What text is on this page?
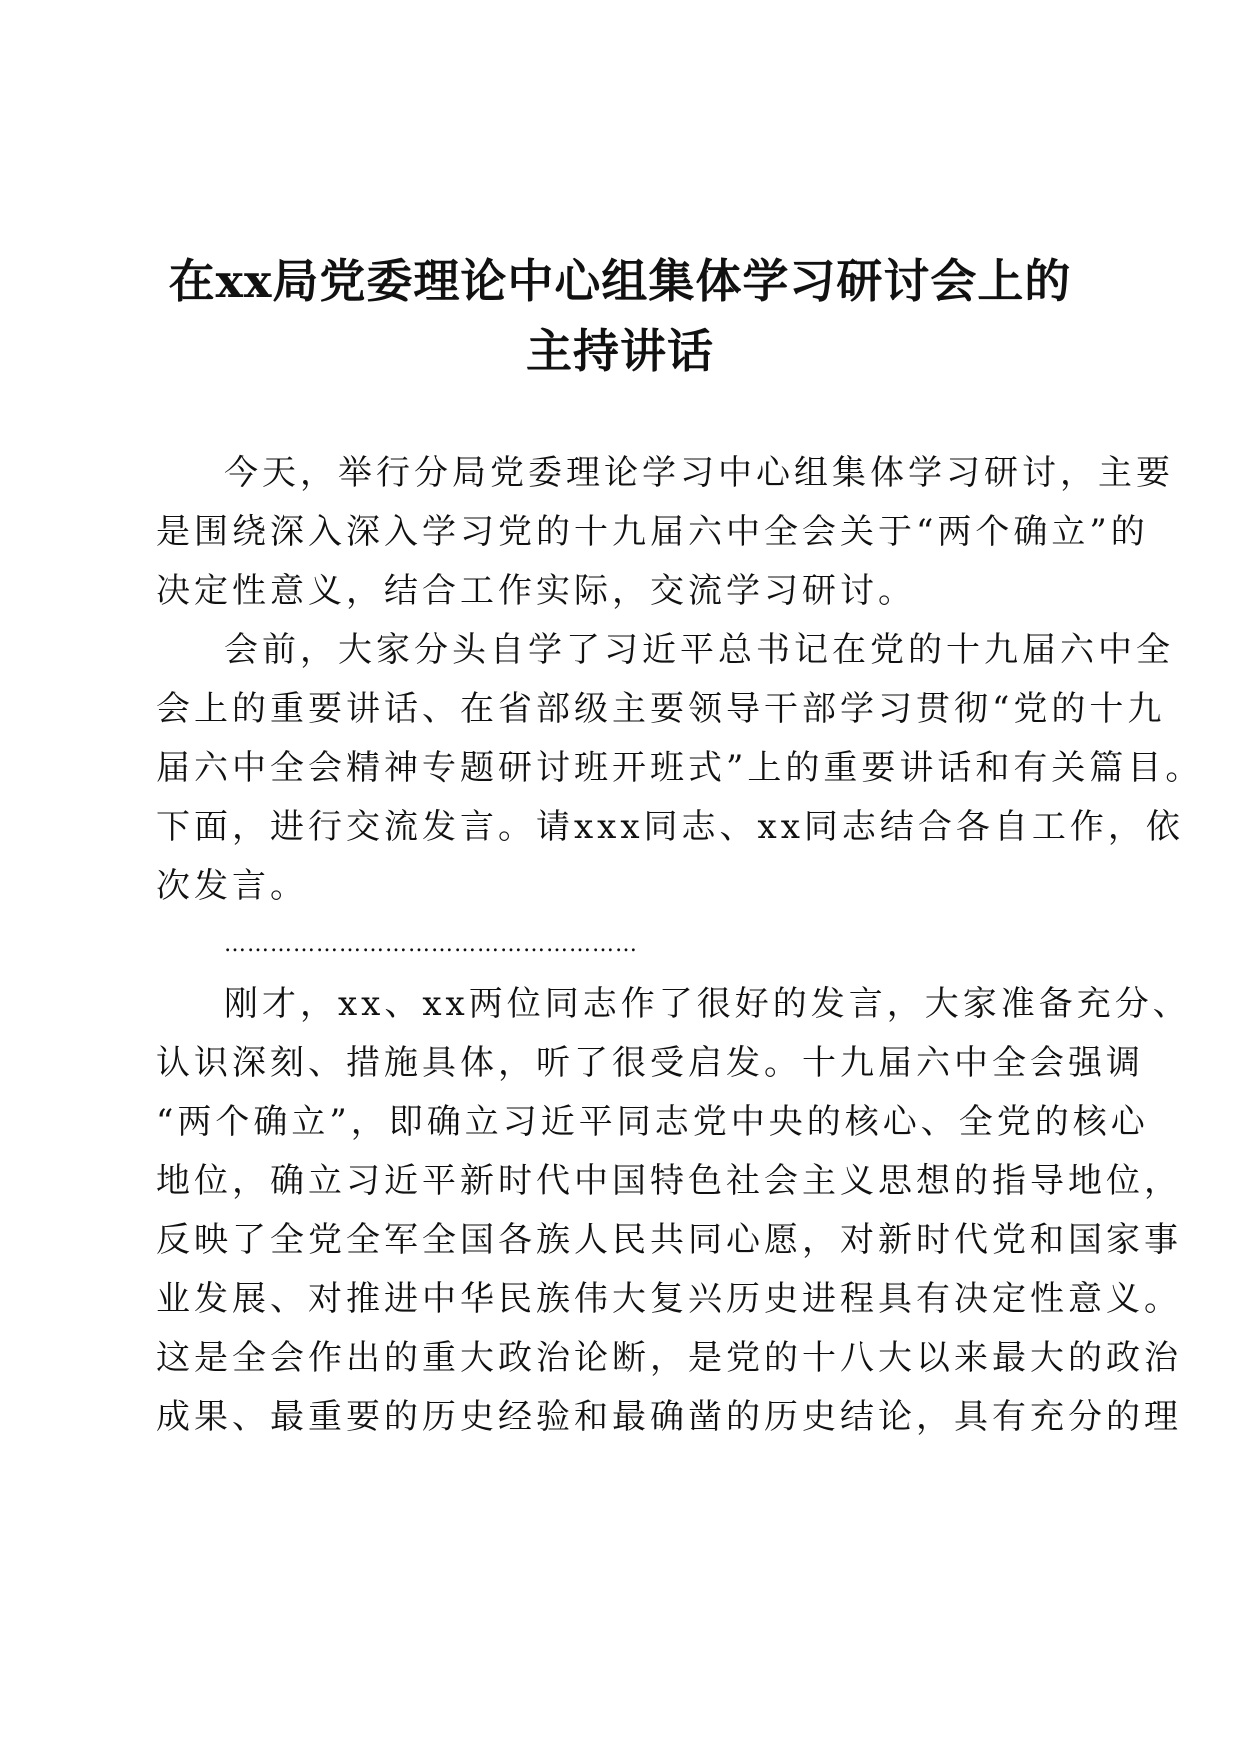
在xx局党委理论中心组集体学习研讨会上的
主持讲话
今天，举行分局党委理论学习中心组集体学习研讨，主要
是围绕深入深入学习党的十九届六中全会关于“两个确立”的
决定性意义，结合工作实际，交流学习研讨。
会前，大家分头自学了习近平总书记在党的十九届六中全
会上的重要讲话、在省部级主要领导干部学习贯彻“党的十九
届六中全会精神专题研讨班开班式”上的重要讲话和有关篇目。
下面，进行交流发言。请xxx同志、xx同志结合各自工作，依
次发言。
………………………………………………
刚才，xx、xx两位同志作了很好的发言，大家准备充分、
认识深刻、措施具体，听了很受启发。十九届六中全会强调
“两个确立”，即确立习近平同志党中央的核心、全党的核心
地位，确立习近平新时代中国特色社会主义思想的指导地位，
反映了全党全军全国各族人民共同心愿，对新时代党和国家事
业发展、对推进中华民族伟大复兴历史进程具有决定性意义。
这是全会作出的重大政治论断，是党的十八大以来最大的政治
成果、最重要的历史经验和最确凿的历史结论，具有充分的理
